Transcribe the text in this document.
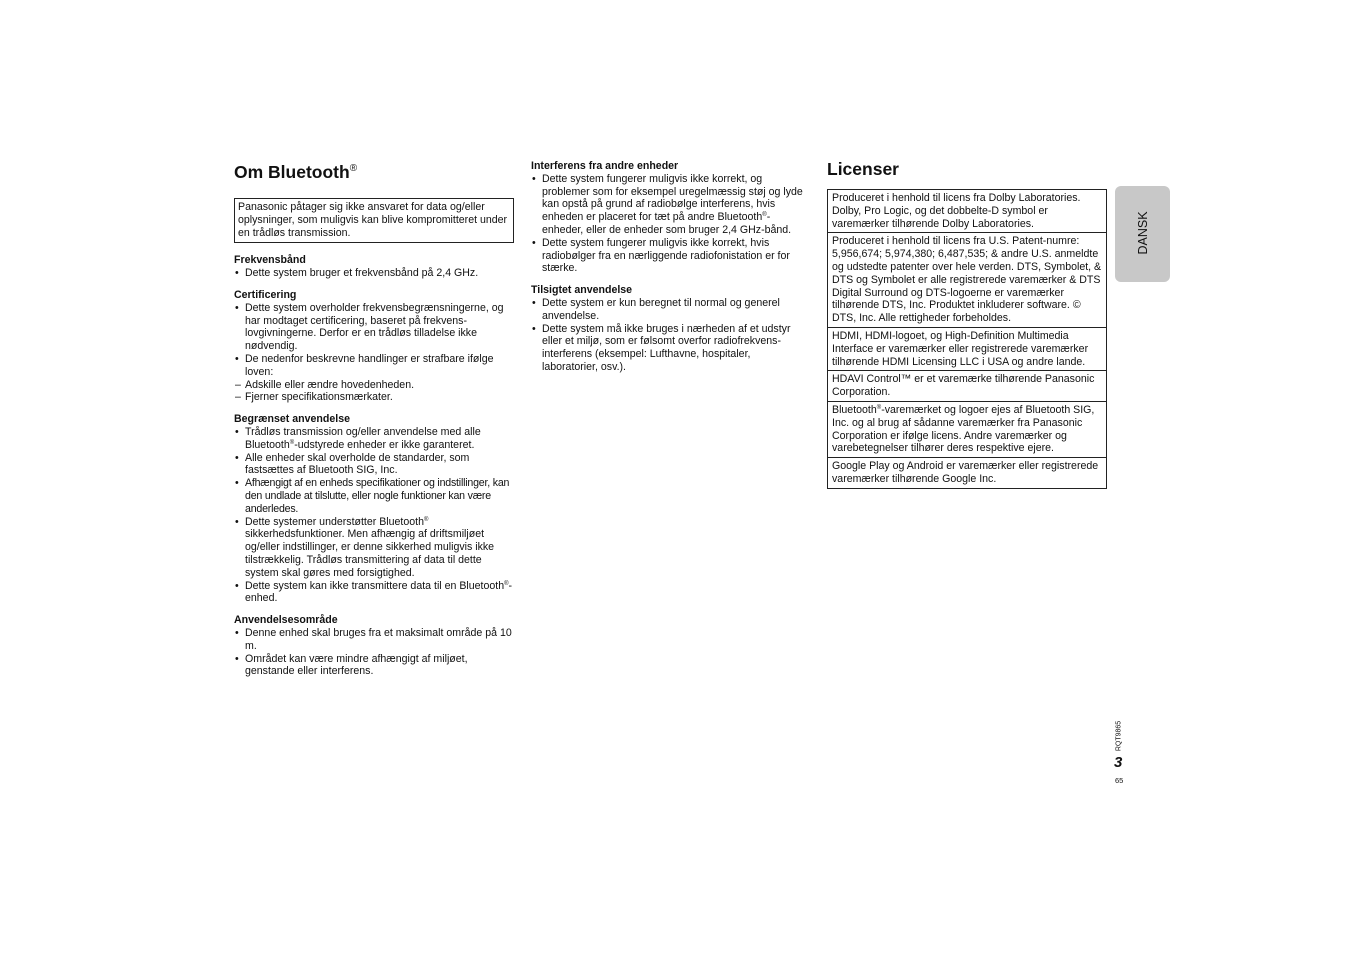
Om Bluetooth®
Panasonic påtager sig ikke ansvaret for data og/eller oplysninger, som muligvis kan blive kompromitteret under en trådløs transmission.

Frekvensbånd

• Dette system bruger et frekvensbånd på 2,4 GHz.

Certificering

• Dette system overholder frekvensbegrænsningerne, og har modtaget certificering, baseret på frekvens-lovgivningerne. Derfor er en trådløs tilladelse ikke nødvendig.
• De nedenfor beskrevne handlinger er strafbare ifølge loven:
– Adskille eller ændre hovedenheden.
– Fjerner specifikationsmærkater.

Begrænset anvendelse

• Trådløs transmission og/eller anvendelse med alle Bluetooth®-udstyrede enheder er ikke garanteret.
• Alle enheder skal overholde de standarder, som fastsættes af Bluetooth SIG, Inc.
• Afhængigt af en enheds specifikationer og indstillinger, kan den undlade at tilslutte, eller nogle funktioner kan være anderledes.
• Dette systemer understøtter Bluetooth® sikkerhedsfunktioner. Men afhængig af driftsmiljøet og/eller indstillinger, er denne sikkerhed muligvis ikke tilstrækkelig. Trådløs transmittering af data til dette system skal gøres med forsigtighed.
• Dette system kan ikke transmittere data til en Bluetooth®-enhed.

Anvendelsesområde

• Denne enhed skal bruges fra et maksimalt område på 10 m.
• Området kan være mindre afhængigt af miljøet, genstande eller interferens.

Interferens fra andre enheder

• Dette system fungerer muligvis ikke korrekt, og problemer som for eksempel uregelmæssig støj og lyde kan opstå på grund af radiobølge interferens, hvis enheden er placeret for tæt på andre Bluetooth®-enheder, eller de enheder som bruger 2,4 GHz-bånd.
• Dette system fungerer muligvis ikke korrekt, hvis radiobølger fra en nærliggende radiofonistation er for stærke.

Tilsigtet anvendelse

• Dette system er kun beregnet til normal og generel anvendelse.
• Dette system må ikke bruges i nærheden af et udstyr eller et miljø, som er følsomt overfor radiofrekvens-interferens (eksempel: Lufthavne, hospitaler, laboratorier, osv.).
Licenser
Produceret i henhold til licens fra Dolby Laboratories. Dolby, Pro Logic, og det dobbelte-D symbol er varemærker tilhørende Dolby Laboratories.
Produceret i henhold til licens fra U.S. Patent-numre: 5,956,674; 5,974,380; 6,487,535; & andre U.S. anmeldte og udstedte patenter over hele verden. DTS, Symbolet, & DTS og Symbolet er alle registrerede varemærker & DTS Digital Surround og DTS-logoerne er varemærker tilhørende DTS, Inc. Produktet inkluderer software. © DTS, Inc. Alle rettigheder forbeholdes.
HDMI, HDMI-logoet, og High-Definition Multimedia Interface er varemærker eller registrerede varemærker tilhørende HDMI Licensing LLC i USA og andre lande.
HDAVI Control™ er et varemærke tilhørende Panasonic Corporation.
Bluetooth®-varemærket og logoer ejes af Bluetooth SIG, Inc. og al brug af sådanne varemærker fra Panasonic Corporation er ifølge licens. Andre varemærker og varebetegnelser tilhører deres respektive ejere.
Google Play og Android er varemærker eller registrerede varemærker tilhørende Google Inc.
DANSK
RQT9865
3
65
